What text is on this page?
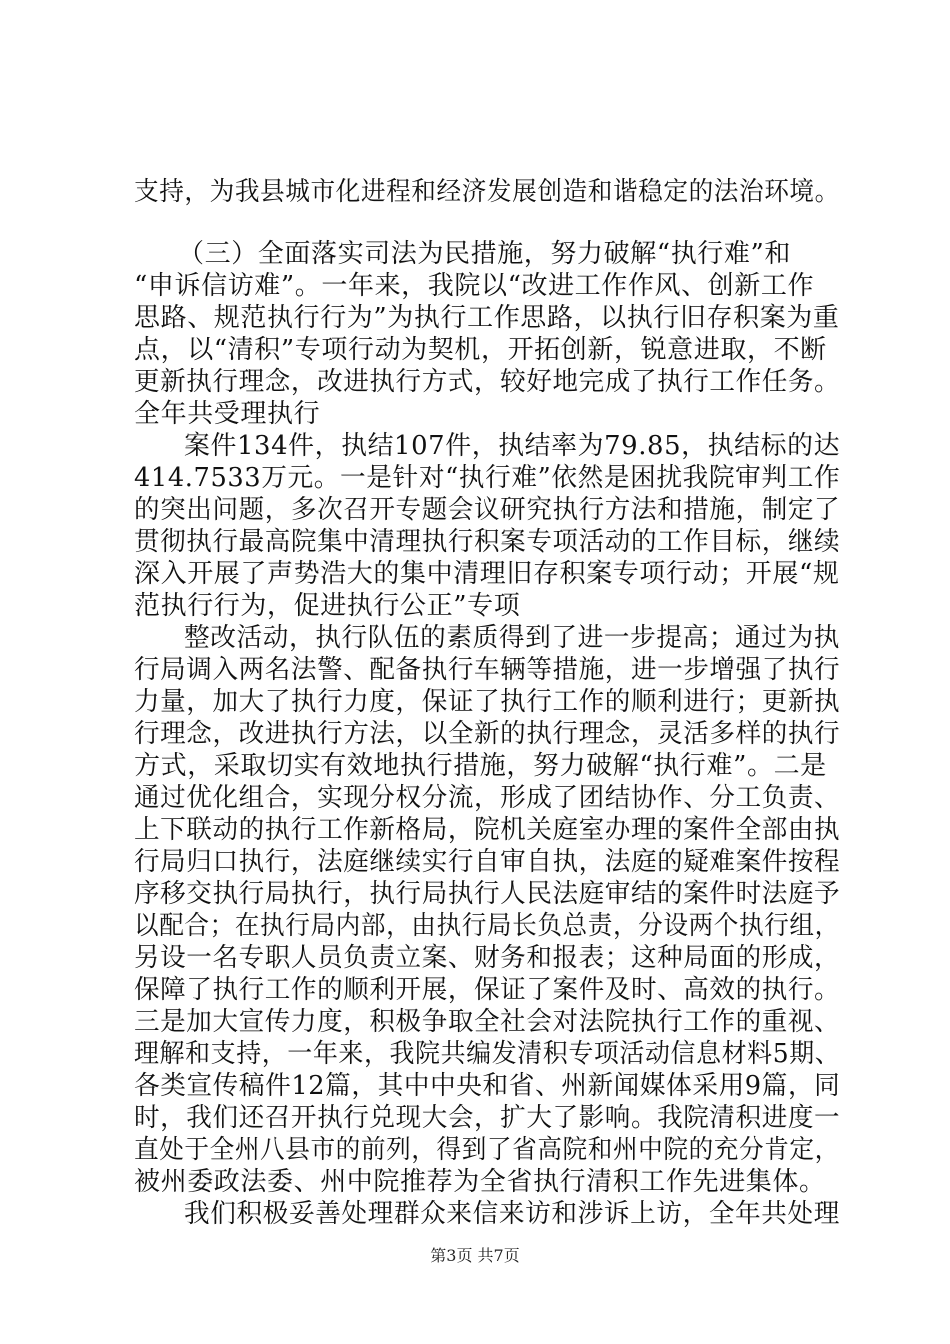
支持，为我县城市化进程和经济发展创造和谐稳定的法治环境。
（三）全面落实司法为民措施，努力破解“执行难”和
“申诉信访难”。一年来，我院以“改进工作作风、创新工作
思路、规范执行行为”为执行工作思路，以执行旧存积案为重
点，以“清积”专项行动为契机，开拓创新，锐意进取，不断
更新执行理念，改进执行方式，较好地完成了执行工作任务。
全年共受理执行
案件134件，执结107件，执结率为79.85，执结标的达
414.7533万元。一是针对“执行难”依然是困扰我院审判工作
的突出问题，多次召开专题会议研究执行方法和措施，制定了
贯彻执行最高院集中清理执行积案专项活动的工作目标，继续
深入开展了声势浩大的集中清理旧存积案专项行动；开展“规
范执行行为，促进执行公正”专项
整改活动，执行队伍的素质得到了进一步提高；通过为执
行局调入两名法警、配备执行车辆等措施，进一步增强了执行
力量，加大了执行力度，保证了执行工作的顺利进行；更新执
行理念，改进执行方法，以全新的执行理念，灵活多样的执行
方式，采取切实有效地执行措施，努力破解“执行难”。二是
通过优化组合，实现分权分流，形成了团结协作、分工负责、
上下联动的执行工作新格局，院机关庭室办理的案件全部由执
行局归口执行，法庭继续实行自审自执，法庭的疑难案件按程
序移交执行局执行，执行局执行人民法庭审结的案件时法庭予
以配合；在执行局内部，由执行局长负总责，分设两个执行组，
另设一名专职人员负责立案、财务和报表；这种局面的形成，
保障了执行工作的顺利开展，保证了案件及时、高效的执行。
三是加大宣传力度，积极争取全社会对法院执行工作的重视、
理解和支持，一年来，我院共编发清积专项活动信息材料5期、
各类宣传稿件12篇，其中中央和省、州新闻媒体采用9篇，同
时，我们还召开执行兑现大会，扩大了影响。我院清积进度一
直处于全州八县市的前列，得到了省高院和州中院的充分肯定，
被州委政法委、州中院推荐为全省执行清积工作先进集体。
我们积极妥善处理群众来信来访和涉诉上访，全年共处理
第3页 共7页
